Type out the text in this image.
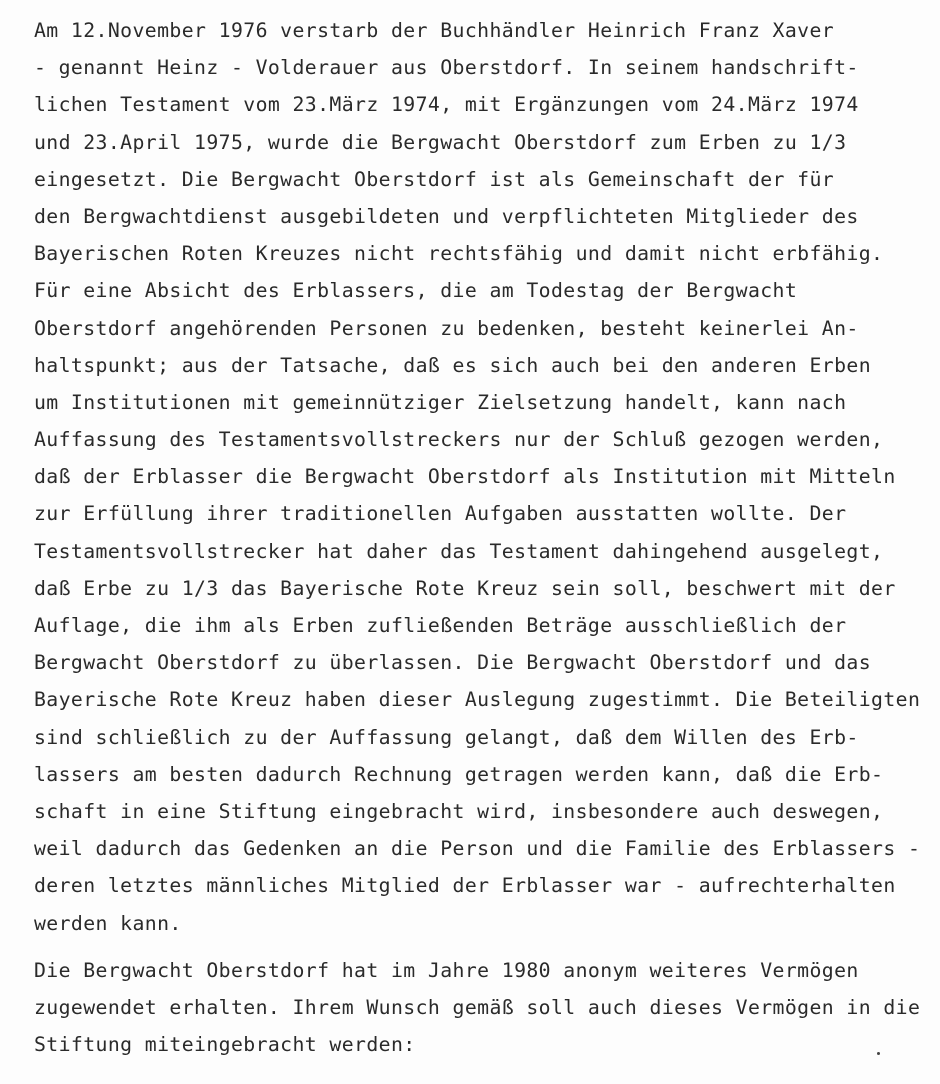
Am 12.November 1976 verstarb der Buchhändler Heinrich Franz Xaver
- genannt Heinz - Volderauer aus Oberstdorf. In seinem handschrift-
lichen Testament vom 23.März 1974, mit Ergänzungen vom 24.März 1974
und 23.April 1975, wurde die Bergwacht Oberstdorf zum Erben zu 1/3
eingesetzt. Die Bergwacht Oberstdorf ist als Gemeinschaft der für
den Bergwachtdienst ausgebildeten und verpflichteten Mitglieder des
Bayerischen Roten Kreuzes nicht rechtsfähig und damit nicht erbfähig.
Für eine Absicht des Erblassers, die am Todestag der Bergwacht
Oberstdorf angehörenden Personen zu bedenken, besteht keinerlei An-
haltspunkt; aus der Tatsache, daß es sich auch bei den anderen Erben
um Institutionen mit gemeinnütziger Zielsetzung handelt, kann nach
Auffassung des Testamentsvollstreckers nur der Schluß gezogen werden,
daß der Erblasser die Bergwacht Oberstdorf als Institution mit Mitteln
zur Erfüllung ihrer traditionellen Aufgaben ausstatten wollte. Der
Testamentsvollstrecker hat daher das Testament dahingehend ausgelegt,
daß Erbe zu 1/3 das Bayerische Rote Kreuz sein soll, beschwert mit der
Auflage, die ihm als Erben zufließenden Beträge ausschließlich der
Bergwacht Oberstdorf zu überlassen. Die Bergwacht Oberstdorf und das
Bayerische Rote Kreuz haben dieser Auslegung zugestimmt. Die Beteiligten
sind schließlich zu der Auffassung gelangt, daß dem Willen des Erb-
lassers am besten dadurch Rechnung getragen werden kann, daß die Erb-
schaft in eine Stiftung eingebracht wird, insbesondere auch deswegen,
weil dadurch das Gedenken an die Person und die Familie des Erblassers -
deren letztes männliches Mitglied der Erblasser war - aufrechterhalten
werden kann.
Die Bergwacht Oberstdorf hat im Jahre 1980 anonym weiteres Vermögen
zugewendet erhalten. Ihrem Wunsch gemäß soll auch dieses Vermögen in die
Stiftung miteingebracht werden:
